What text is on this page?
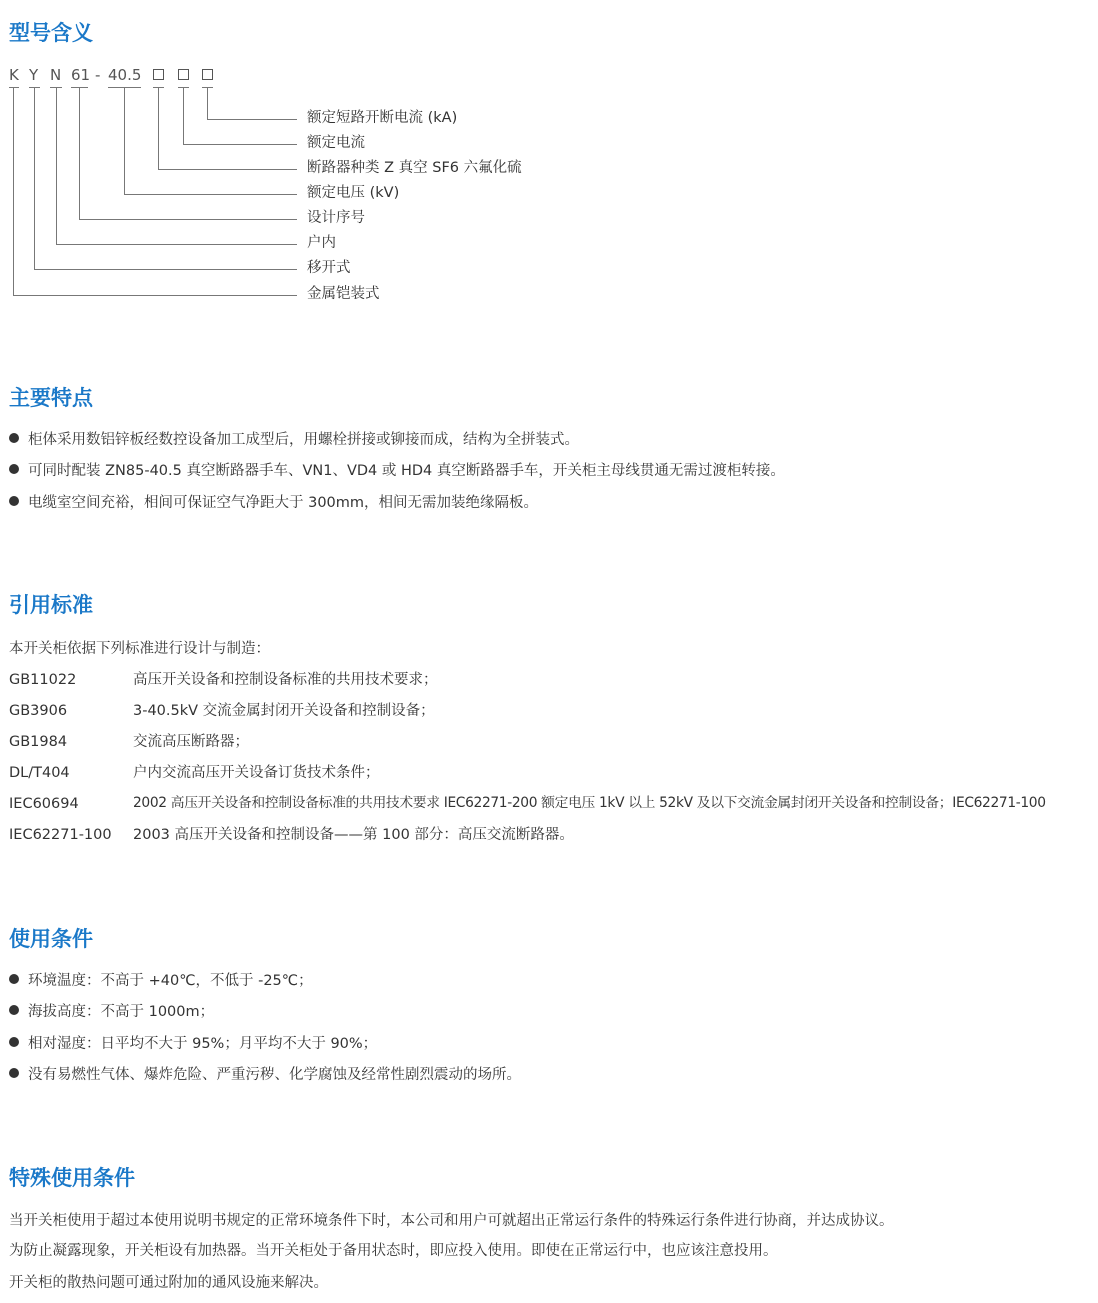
型号含义
K Y N 61 - 40.5
额定短路开断电流 (kA)
额定电流
断路器种类 Z 真空 SF6 六氟化硫
额定电压 (kV)
设计序号
户内
移开式
金属铠装式
主要特点
柜体采用数铝锌板经数控设备加工成型后，用螺栓拼接或铆接而成，结构为全拼装式。
可同时配装 ZN85-40.5 真空断路器手车、VN1、VD4 或 HD4 真空断路器手车，开关柜主母线贯通无需过渡柜转接。
电缆室空间充裕，相间可保证空气净距大于 300mm，相间无需加装绝缘隔板。
引用标准
本开关柜依据下列标准进行设计与制造：
GB11022	高压开关设备和控制设备标准的共用技术要求；
GB3906	3-40.5kV 交流金属封闭开关设备和控制设备；
GB1984	交流高压断路器；
DL/T404	户内交流高压开关设备订货技术条件；
IEC60694	2002 高压开关设备和控制设备标准的共用技术要求 IEC62271-200 额定电压 1kV 以上 52kV 及以下交流金属封闭开关设备和控制设备；IEC62271-100
IEC62271-100 2003 高压开关设备和控制设备——第 100 部分：高压交流断路器。
使用条件
环境温度：不高于 +40℃，不低于 -25℃；
海拔高度：不高于 1000m；
相对湿度：日平均不大于 95%；月平均不大于 90%；
没有易燃性气体、爆炸危险、严重污秽、化学腐蚀及经常性剧烈震动的场所。
特殊使用条件
当开关柜使用于超过本使用说明书规定的正常环境条件下时，本公司和用户可就超出正常运行条件的特殊运行条件进行协商，并达成协议。
为防止凝露现象，开关柜设有加热器。当开关柜处于备用状态时，即应投入使用。即使在正常运行中，也应该注意投用。
开关柜的散热问题可通过附加的通风设施来解决。
